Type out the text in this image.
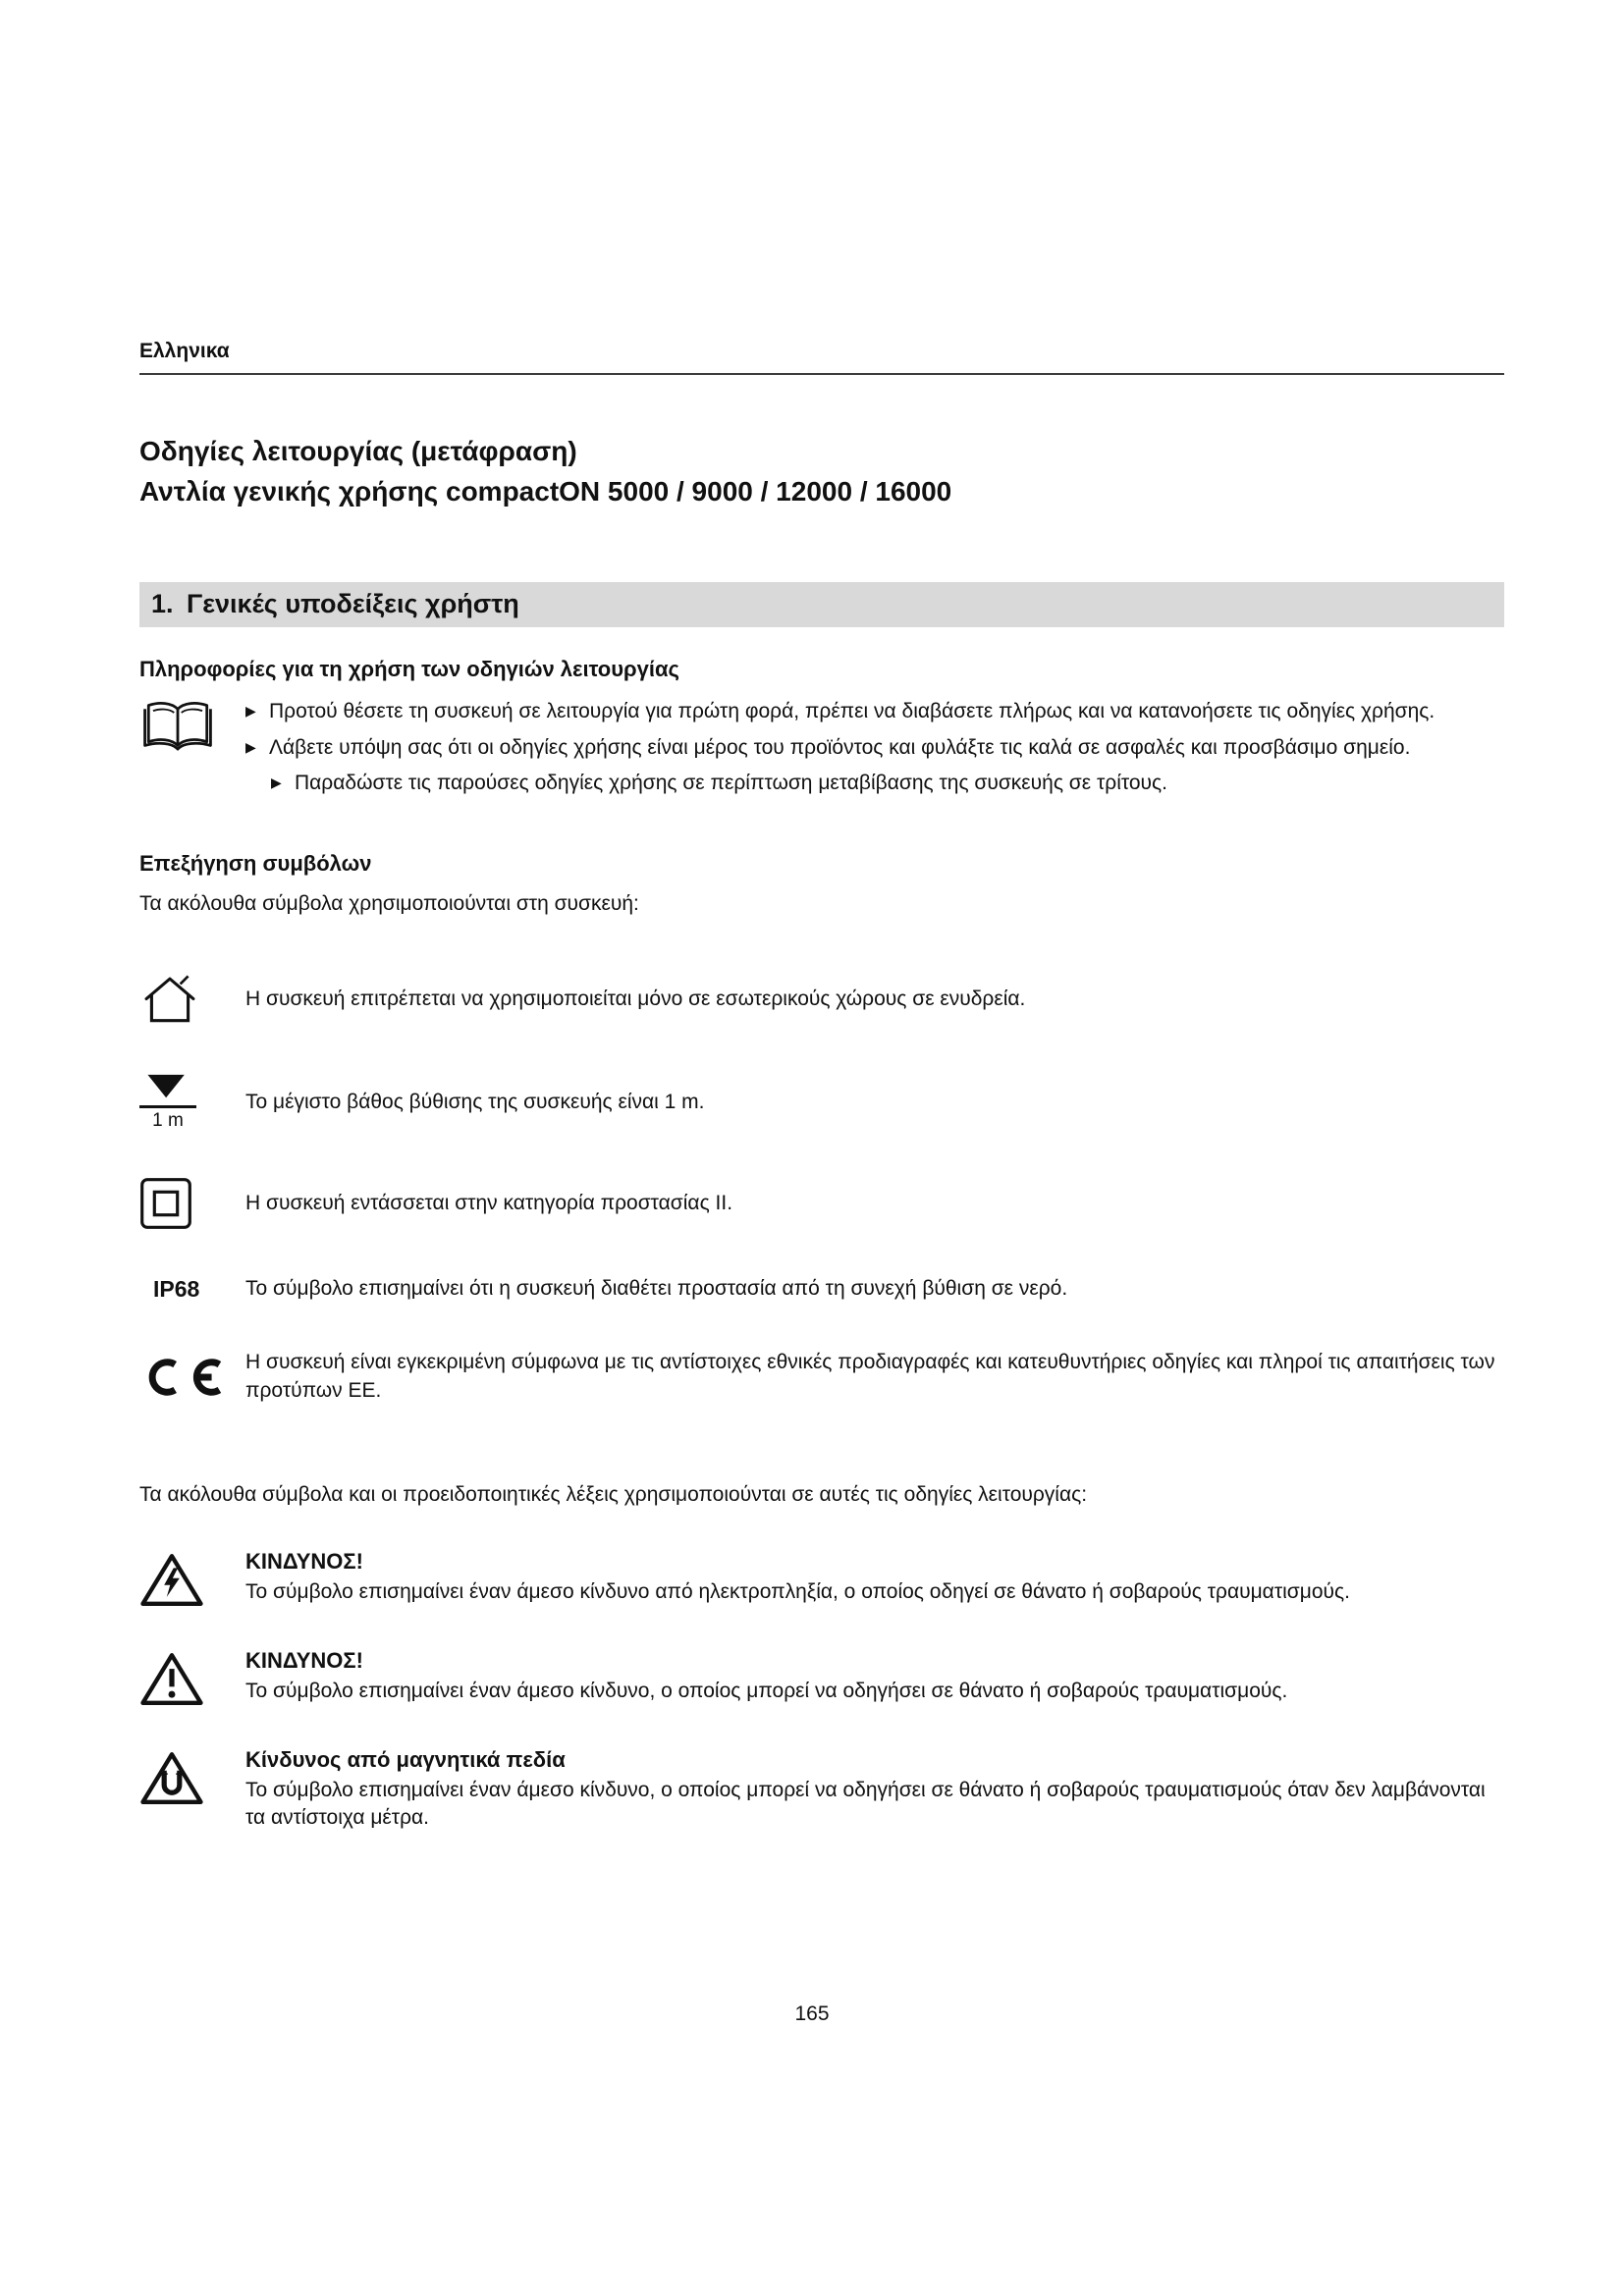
Ελληνικα
Οδηγίες λειτουργίας (μετάφραση)
Αντλία γενικής χρήσης compactON 5000 / 9000 / 12000 / 16000
1. Γενικές υποδείξεις χρήστη
Πληροφορίες για τη χρήση των οδηγιών λειτουργίας
▶ Προτού θέσετε τη συσκευή σε λειτουργία για πρώτη φορά, πρέπει να διαβάσετε πλήρως και να κατανοήσετε τις οδηγίες χρήσης.
▶ Λάβετε υπόψη σας ότι οι οδηγίες χρήσης είναι μέρος του προϊόντος και φυλάξτε τις καλά σε ασφαλές και προσβάσιμο σημείο.
▶ Παραδώστε τις παρούσες οδηγίες χρήσης σε περίπτωση μεταβίβασης της συσκευής σε τρίτους.
Επεξήγηση συμβόλων
Τα ακόλουθα σύμβολα χρησιμοποιούνται στη συσκευή:
Η συσκευή επιτρέπεται να χρησιμοποιείται μόνο σε εσωτερικούς χώρους σε ενυδρεία.
1 m
Το μέγιστο βάθος βύθισης της συσκευής είναι 1 m.
Η συσκευή εντάσσεται στην κατηγορία προστασίας II.
IP68	Το σύμβολο επισημαίνει ότι η συσκευή διαθέτει προστασία από τη συνεχή βύθιση σε νερό.
Η συσκευή είναι εγκεκριμένη σύμφωνα με τις αντίστοιχες εθνικές προδιαγραφές και κατευθυντήριες οδηγίες και πληροί τις απαιτήσεις των προτύπων ΕΕ.
Τα ακόλουθα σύμβολα και οι προειδοποιητικές λέξεις χρησιμοποιούνται σε αυτές τις οδηγίες λειτουργίας:
ΚΙΝΔΥΝΟΣ!
Το σύμβολο επισημαίνει έναν άμεσο κίνδυνο από ηλεκτροπληξία, ο οποίος οδηγεί σε θάνατο ή σοβαρούς τραυματισμούς.
ΚΙΝΔΥΝΟΣ!
Το σύμβολο επισημαίνει έναν άμεσο κίνδυνο, ο οποίος μπορεί να οδηγήσει σε θάνατο ή σοβαρούς τραυματισμούς.
Κίνδυνος από μαγνητικά πεδία
Το σύμβολο επισημαίνει έναν άμεσο κίνδυνο, ο οποίος μπορεί να οδηγήσει σε θάνατο ή σοβαρούς τραυματισμούς όταν δεν λαμβάνονται τα αντίστοιχα μέτρα.
165
